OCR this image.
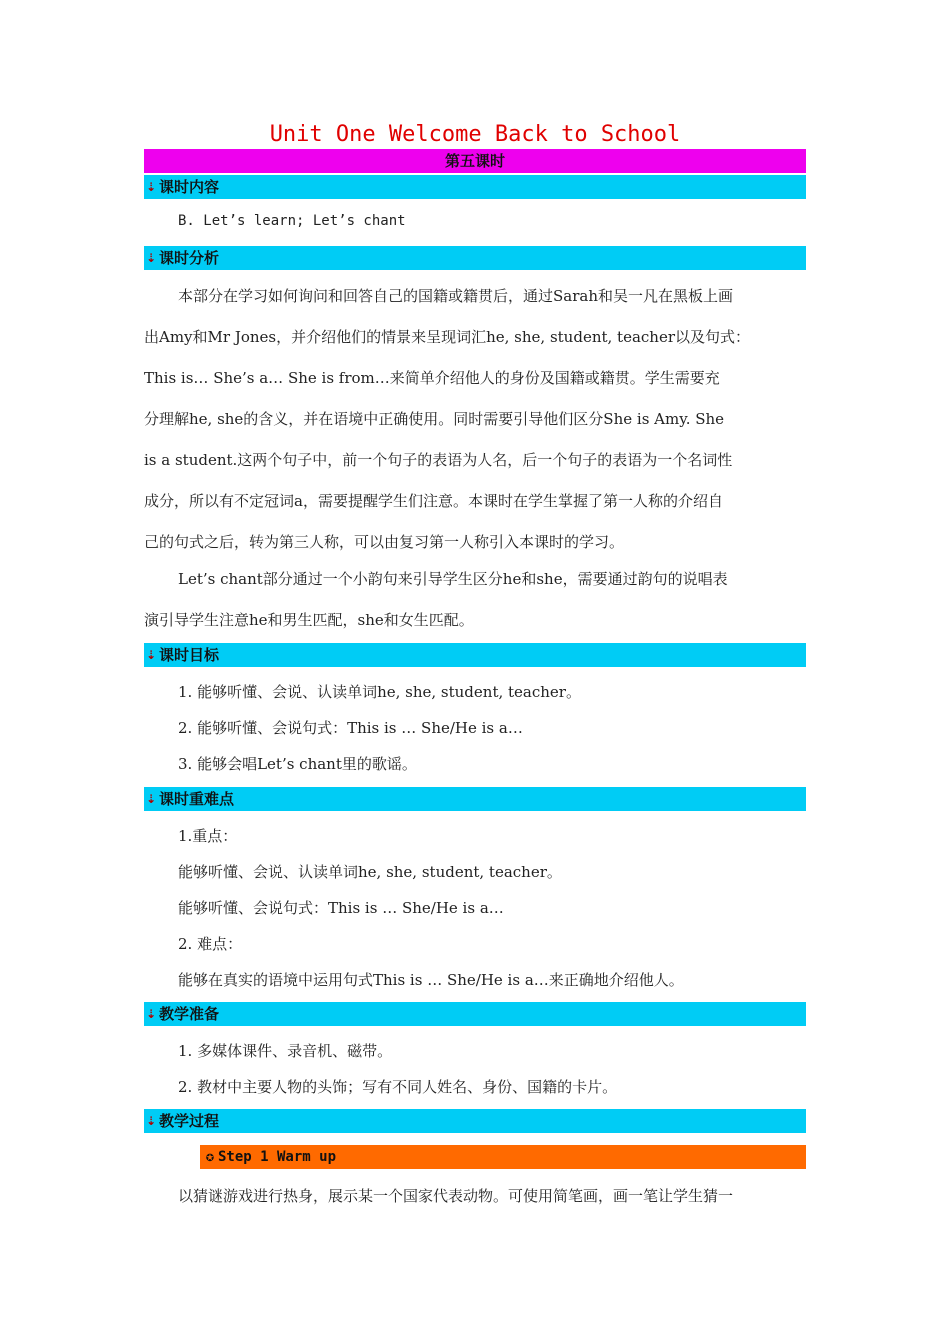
Unit One Welcome Back to School
第五课时
⇣ 课时内容
B. Let’s learn; Let’s chant
⇣ 课时分析
本部分在学习如何询问和回答自己的国籍或籍贯后，通过Sarah和吴一凡在黑板上画
出Amy和Mr Jones，并介绍他们的情景来呈现词汇he, she, student, teacher以及句式：
This is… She’s a… She is from…来简单介绍他人的身份及国籍或籍贯。学生需要充
分理解he, she的含义，并在语境中正确使用。同时需要引导他们区分She is Amy. She
is a student.这两个句子中，前一个句子的表语为人名，后一个句子的表语为一个名词性
成分，所以有不定冠词a，需要提醒学生们注意。本课时在学生掌握了第一人称的介绍自
己的句式之后，转为第三人称，可以由复习第一人称引入本课时的学习。
Let’s chant部分通过一个小韵句来引导学生区分he和she，需要通过韵句的说唱表
演引导学生注意he和男生匹配，she和女生匹配。
⇣ 课时目标
1. 能够听懂、会说、认读单词he, she, student, teacher。
2. 能够听懂、会说句式：This is … She/He is a…
3. 能够会唱Let’s chant里的歌谣。
⇣ 课时重难点
1.重点：
能够听懂、会说、认读单词he, she, student, teacher。
能够听懂、会说句式：This is … She/He is a…
2. 难点：
能够在真实的语境中运用句式This is … She/He is a…来正确地介绍他人。
⇣ 教学准备
1. 多媒体课件、录音机、磁带。
2. 教材中主要人物的头饰；写有不同人姓名、身份、国籍的卡片。
⇣ 教学过程
✪ Step 1 Warm up
以猜谜游戏进行热身，展示某一个国家代表动物。可使用简笔画，画一笔让学生猜一
